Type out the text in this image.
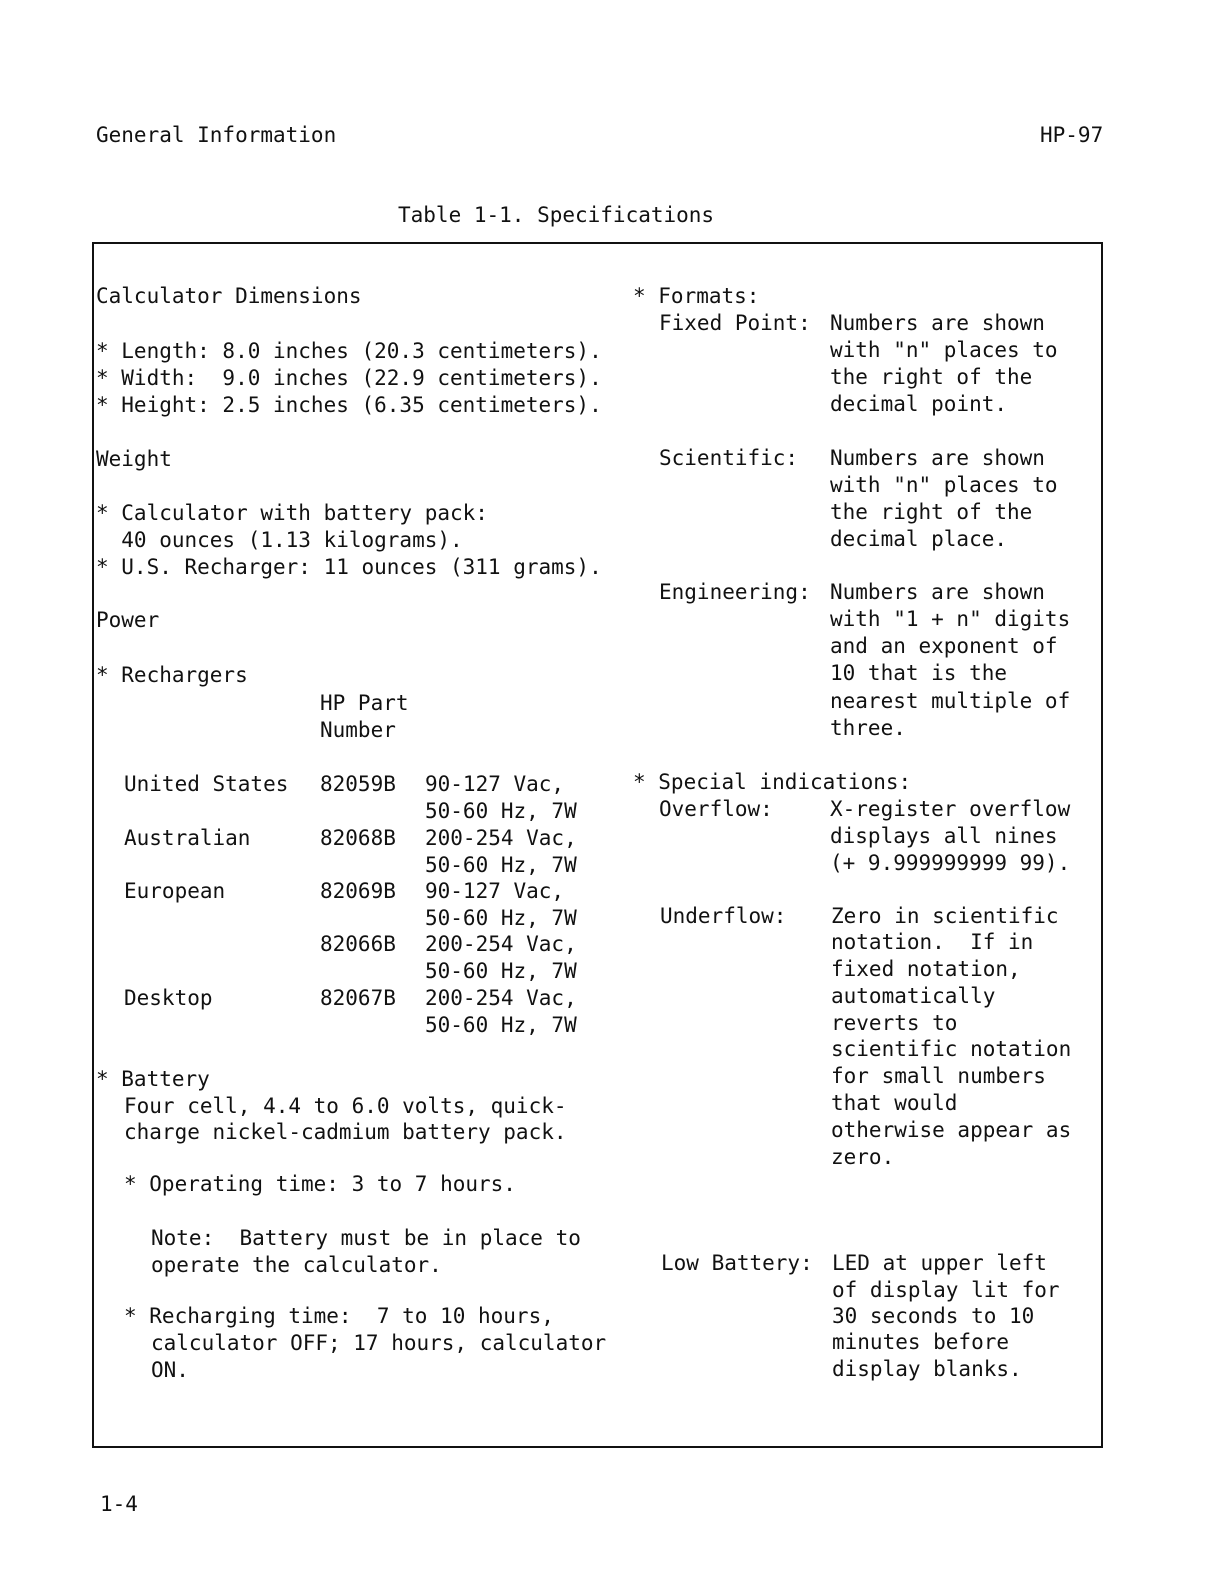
General Information	HP-97
Table 1-1. Specifications
Calculator Dimensions
* Length: 8.0 inches (20.3 centimeters).
* Width:  9.0 inches (22.9 centimeters).
* Height: 2.5 inches (6.35 centimeters).
Weight
* Calculator with battery pack:
40 ounces (1.13 kilograms).
* U.S. Recharger: 11 ounces (311 grams).
Power
* Rechargers
HP Part
Number
United States 82059B 90-127 Vac,
50-60 Hz, 7W
Australian	82068B 200-254 Vac,
50-60 Hz, 7W
European	82069B 90-127 Vac,
50-60 Hz, 7W
82066B 200-254 Vac,
50-60 Hz, 7W
Desktop	82067B 200-254 Vac,
50-60 Hz, 7W
* Battery
Four cell, 4.4 to 6.0 volts, quick-
charge nickel-cadmium battery pack.
* Operating time: 3 to 7 hours.
Note:  Battery must be in place to
operate the calculator.
* Recharging time:  7 to 10 hours,
calculator OFF; 17 hours, calculator
ON.
* Formats:
Fixed Point: Numbers are shown
with "n" places to
the right of the
decimal point.
Scientific: Numbers are shown
with "n" places to
the right of the
decimal place.
Engineering: Numbers are shown
with "1 + n" digits
and an exponent of
10 that is the
nearest multiple of
three.
* Special indications:
Overflow:	X-register overflow
displays all nines
(+ 9.999999999 99).
Underflow: Zero in scientific
notation.  If in
fixed notation,
automatically
reverts to
scientific notation
for small numbers
that would
otherwise appear as
zero.
Low Battery: LED at upper left
of display lit for
30 seconds to 10
minutes before
display blanks.
1-4
